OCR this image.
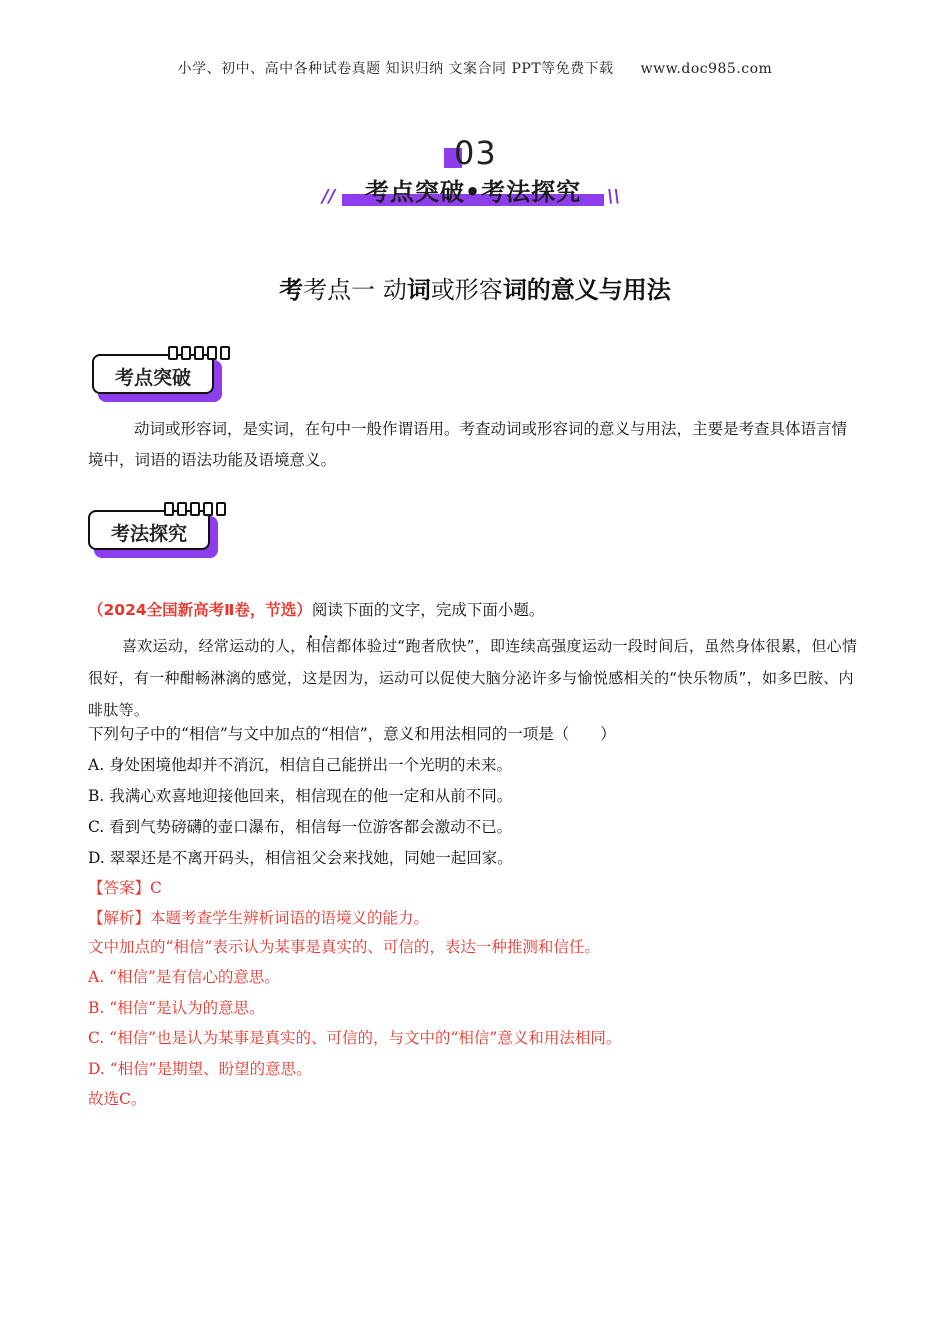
小学、初中、高中各种试卷真题 知识归纳 文案合同 PPT等免费下载 www.doc985.com
03
//	考点突破•考法探究	\\
考考点一 动词或形容词的意义与用法
考点突破
动词或形容词，是实词，在句中一般作谓语用。考查动词或形容词的意义与用法，主要是考查具体语言情境中，词语的语法功能及语境意义。
考法探究
（2024全国新高考Ⅱ卷，节选）阅读下面的文字，完成下面小题。
喜欢运动，经常运动的人，•   • 相信都体验过“跑者欣快”，即连续高强度运动一段时间后，虽然身体很累，但心情很好，有一种酣畅淋漓的感觉，这是因为，运动可以促使大脑分泌许多与愉悦感相关的“快乐物质”，如多巴胺、内啡肽等。
下列句子中的“相信”与文中加点的“相信”，意义和用法相同的一项是（　　）
A. 身处困境他却并不消沉，相信自己能拼出一个光明的未来。
B. 我满心欢喜地迎接他回来，相信现在的他一定和从前不同。
C. 看到气势磅礴的壶口瀑布，相信每一位游客都会激动不已。
D. 翠翠还是不离开码头，相信祖父会来找她，同她一起回家。
【答案】C
【解析】本题考查学生辨析词语的语境义的能力。
文中加点的“相信”表示认为某事是真实的、可信的，表达一种推测和信任。
A. “相信”是有信心的意思。
B. “相信”是认为的意思。
C. “相信”也是认为某事是真实的、可信的，与文中的“相信”意义和用法相同。
D. “相信”是期望、盼望的意思。
故选C。
